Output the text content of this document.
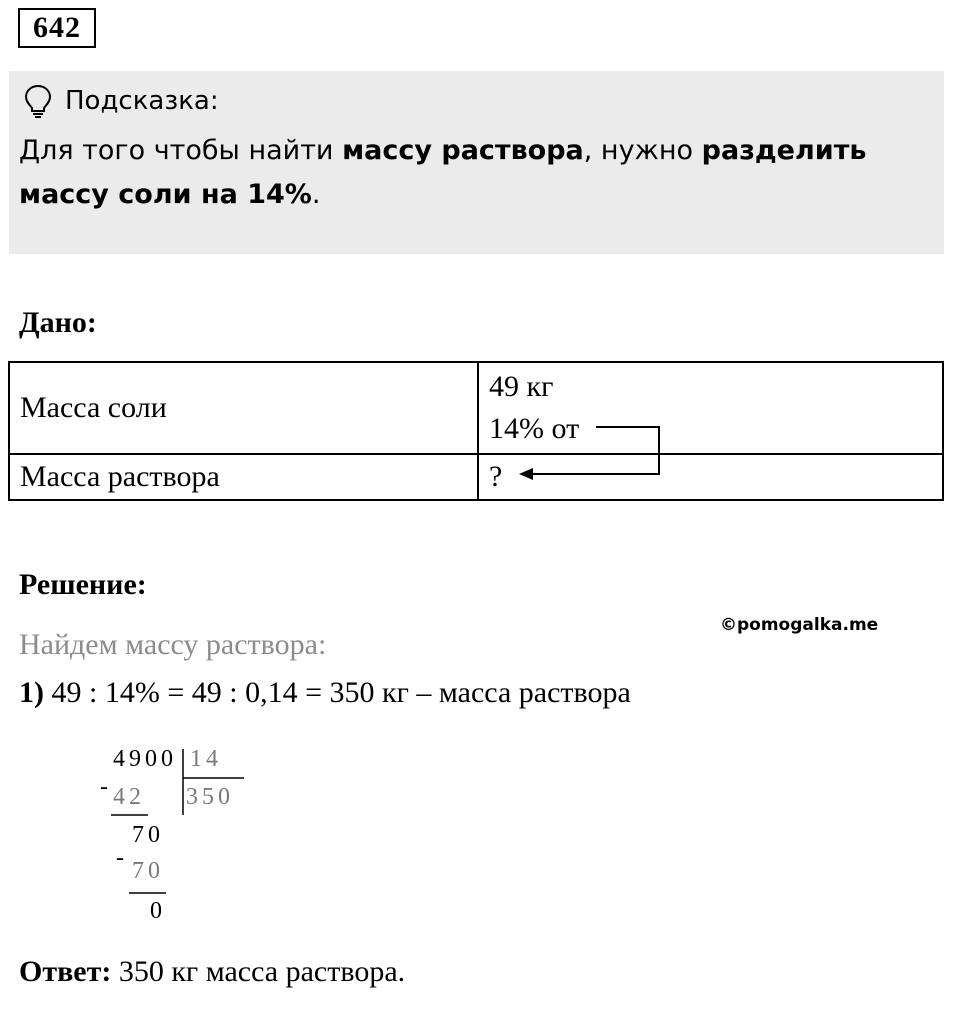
642
Подсказка:
Для того чтобы найти массу раствора, нужно разделить массу соли на 14%.
Дано:
Масса соли	49 кг
14% от

Масса раствора	?
Решение:
©pomogalka.me
Найдем массу раствора:
1) 49 : 14% = 49 : 0,14 = 350 кг – масса раствора
4900 14
- 42 350
70
- 70
0
Ответ: 350 кг масса раствора.
